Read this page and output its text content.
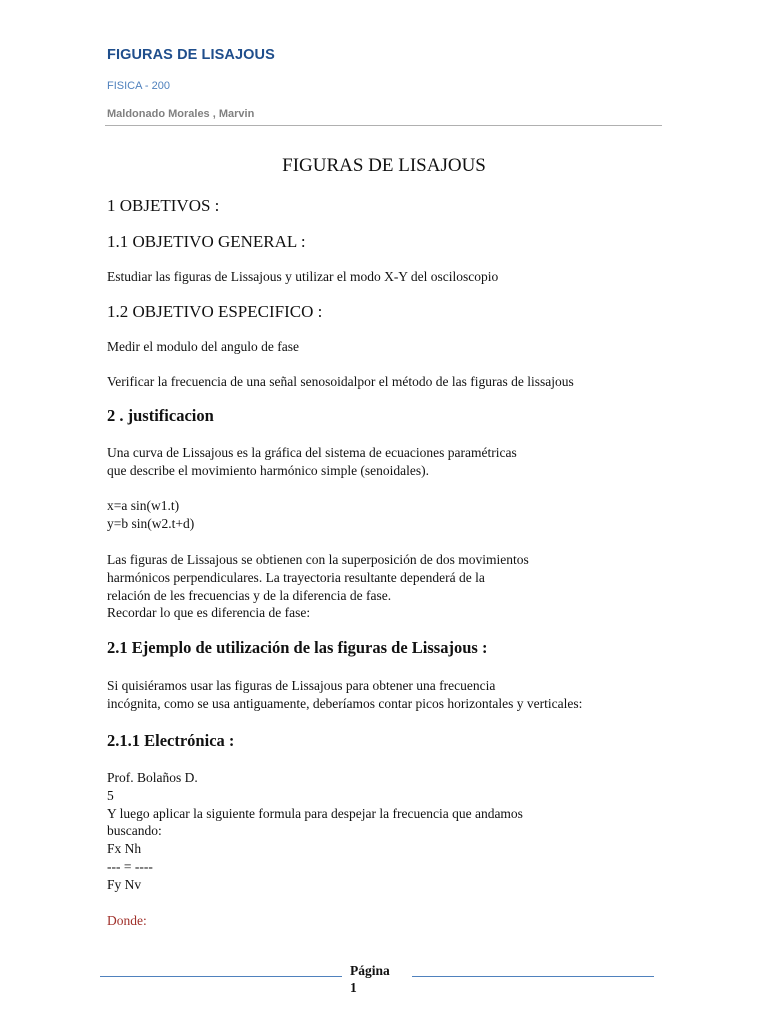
FIGURAS DE LISAJOUS
FISICA - 200
Maldonado Morales , Marvin
FIGURAS DE LISAJOUS
1 OBJETIVOS :
1.1 OBJETIVO GENERAL :
Estudiar las figuras de Lissajous y utilizar el modo X-Y del osciloscopio
1.2 OBJETIVO ESPECIFICO :
Medir el modulo del angulo de fase
Verificar la frecuencia de una señal senosoidalpor el método de las figuras de lissajous
2 . justificacion
Una curva de Lissajous es la gráfica del sistema de ecuaciones paramétricas
que describe el movimiento harmónico simple (senoidales).
x=a sin(w1.t)
y=b sin(w2.t+d)
Las figuras de Lissajous se obtienen con la superposición de dos movimientos
harmónicos perpendiculares. La trayectoria resultante dependerá de la
relación de les frecuencias y de la diferencia de fase.
Recordar lo que es diferencia de fase:
2.1 Ejemplo de utilización de las figuras de Lissajous :
Si quisiéramos usar las figuras de Lissajous para obtener una frecuencia
incógnita, como se usa antiguamente, deberíamos contar picos horizontales y verticales:
2.1.1 Electrónica :
Prof. Bolaños D.
5
Y luego aplicar la siguiente formula para despejar la frecuencia que andamos
buscando:
Fx Nh
--- = ----
Fy Nv
Donde:
Página
1
